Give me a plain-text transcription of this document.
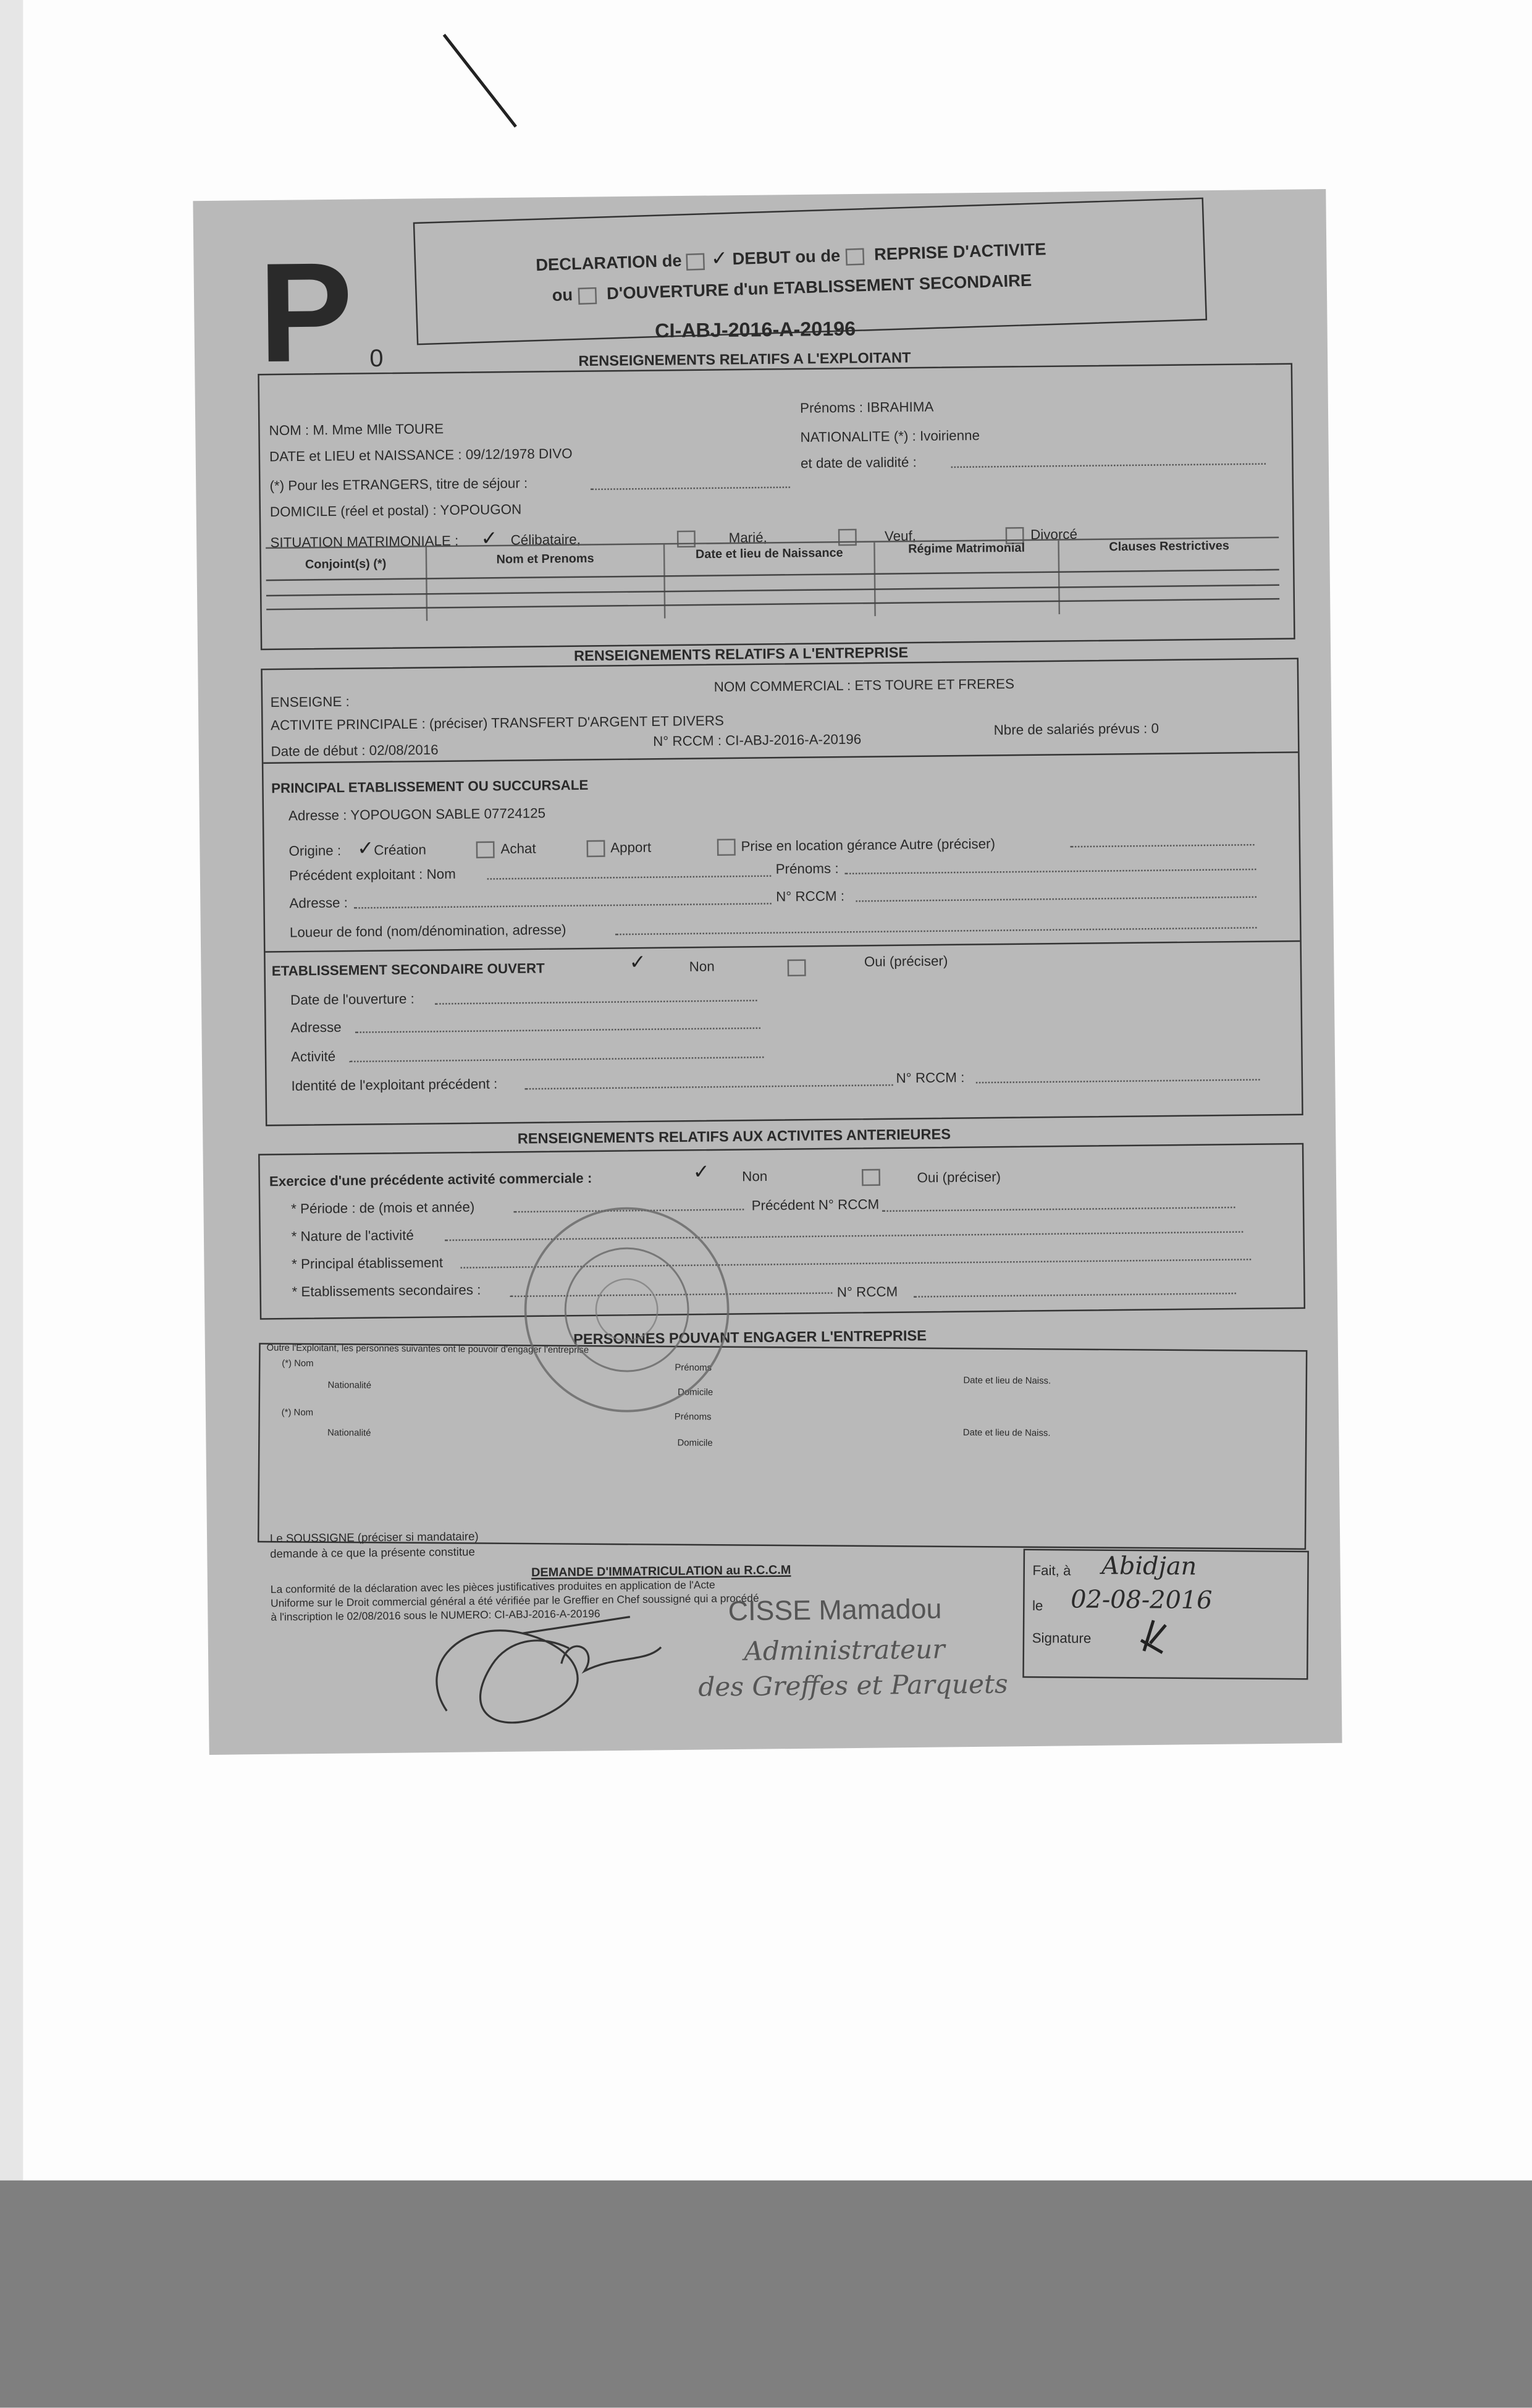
P 0
DECLARATION de	✓ DEBUT ou de	REPRISE D'ACTIVITE
ou	D'OUVERTURE d'un ETABLISSEMENT SECONDAIRE
CI-ABJ-2016-A-20196
RENSEIGNEMENTS RELATIFS A L'EXPLOITANT
NOM : M. Mme Mlle TOURE
Prénoms : IBRAHIMA
DATE et LIEU et NAISSANCE : 09/12/1978 DIVO
NATIONALITE (*) : Ivoirienne
(*) Pour les ETRANGERS, titre de séjour :
et date de validité :
DOMICILE (réel et postal) : YOPOUGON
SITUATION MATRIMONIALE :	✓ Célibataire,	Marié,	Veuf,	Divorcé
Conjoint(s) (*)	Nom et Prenoms	Date et lieu de Naissance	Régime Matrimonial	Clauses Restrictives
RENSEIGNEMENTS RELATIFS A L'ENTREPRISE
ENSEIGNE :
NOM COMMERCIAL : ETS TOURE ET FRERES
ACTIVITE PRINCIPALE : (préciser) TRANSFERT D'ARGENT ET DIVERS
Date de début : 02/08/2016
N° RCCM : CI-ABJ-2016-A-20196
Nbre de salariés prévus : 0
PRINCIPAL ETABLISSEMENT OU SUCCURSALE
Adresse : YOPOUGON SABLE 07724125
Origine : ✓Création	Achat	Apport	Prise en location gérance Autre (préciser)
Précédent exploitant : Nom	Prénoms :
Adresse :	N° RCCM :
Loueur de fond (nom/dénomination, adresse)
ETABLISSEMENT SECONDAIRE OUVERT	✓	Non	Oui (préciser)
Date de l'ouverture :
Adresse
Activité
Identité de l'exploitant précédent :	N° RCCM :
RENSEIGNEMENTS RELATIFS AUX ACTIVITES ANTERIEURES
Exercice d'une précédente activité commerciale :	✓	Non	Oui (préciser)
* Période : de (mois et année)	Précédent N° RCCM
* Nature de l'activité
* Principal établissement
* Etablissements secondaires :	N° RCCM
PERSONNES POUVANT ENGAGER L'ENTREPRISE
Outre l'Exploitant, les personnes suivantes ont le pouvoir d'engager l'entreprise
(*) Nom	Prénoms
Nationalité
Domicile
Date et lieu de Naiss.
(*) Nom	Prénoms
Nationalité
Domicile
Date et lieu de Naiss.
Le SOUSSIGNE (préciser si mandataire)
demande à ce que la présente constitue
DEMANDE D'IMMATRICULATION au R.C.C.M
La conformité de la déclaration avec les pièces justificatives produites en application de l'Acte
Uniforme sur le Droit commercial général a été vérifiée par le Greffier en Chef soussigné qui a procédé
à l'inscription le 02/08/2016 sous le NUMERO: CI-ABJ-2016-A-20196
Fait, à	Abidjan
le	02-08-2016
Signature
CISSE Mamadou
Administrateur
des Greffes et Parquets
